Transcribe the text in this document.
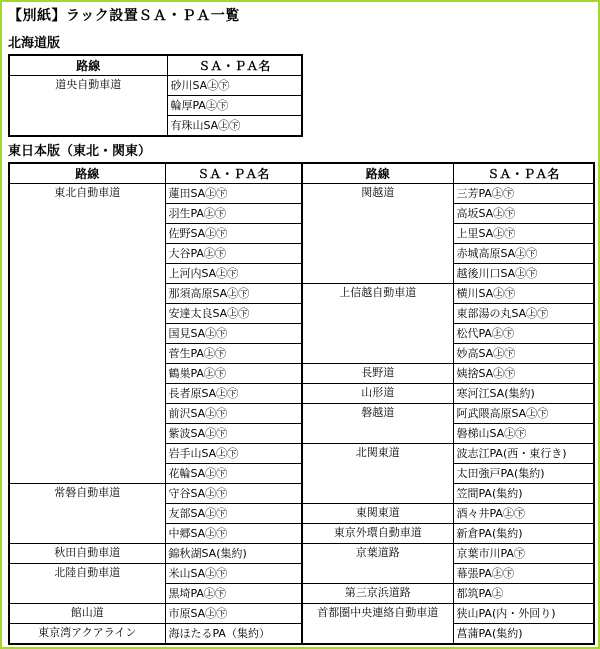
【別紙】ラック設置ＳＡ・ＰＡ一覧
北海道版
路線	ＳＡ・ＰＡ名
道央自動車道	砂川SA㊤㊦
	輪厚PA㊤㊦
	有珠山SA㊤㊦
東日本版（東北・関東）
路線	ＳＡ・ＰＡ名	路線	ＳＡ・ＰＡ名
東北自動車道	蓮田SA㊤㊦	関越道	三芳PA㊤㊦
	羽生PA㊤㊦		高坂SA㊤㊦
	佐野SA㊤㊦		上里SA㊤㊦
	大谷PA㊤㊦		赤城高原SA㊤㊦
	上河内SA㊤㊦		越後川口SA㊤㊦
	那須高原SA㊤㊦	上信越自動車道	横川SA㊤㊦
	安達太良SA㊤㊦		東部湯の丸SA㊤㊦
	国見SA㊤㊦		松代PA㊤㊦
	菅生PA㊤㊦		妙高SA㊤㊦
	鶴巣PA㊤㊦	長野道	姨捨SA㊤㊦
	長者原SA㊤㊦	山形道	寒河江SA(集約)
	前沢SA㊤㊦	磐越道	阿武隈高原SA㊤㊦
	紫波SA㊤㊦		磐梯山SA㊤㊦
	岩手山SA㊤㊦	北関東道	波志江PA(西・東行き)
	花輪SA㊤㊦		太田強戸PA(集約)
常磐自動車道	守谷SA㊤㊦		笠間PA(集約)
	友部SA㊤㊦	東関東道	酒々井PA㊤㊦
	中郷SA㊤㊦	東京外環自動車道	新倉PA(集約)
秋田自動車道	錦秋湖SA(集約)	京葉道路	京葉市川PA㊦
北陸自動車道	米山SA㊤㊦		幕張PA㊤㊦
	黒埼PA㊤㊦	第三京浜道路	都筑PA㊤
館山道	市原SA㊤㊦	首都圏中央連絡自動車道	狭山PA(内・外回り)
東京湾アクアライン	海ほたるPA（集約）		菖蒲PA(集約)
